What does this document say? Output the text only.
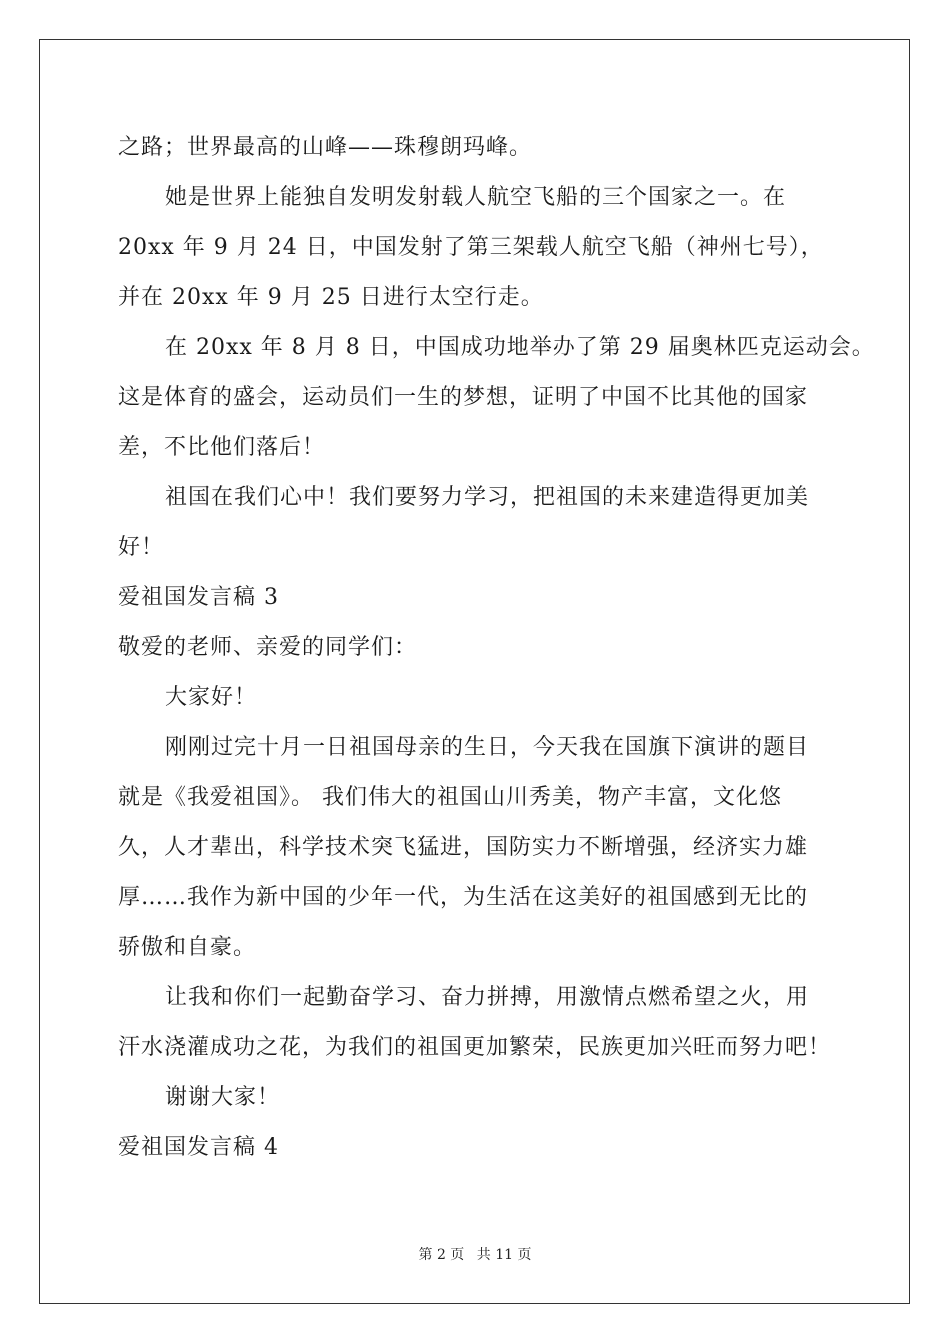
之路；世界最高的山峰——珠穆朗玛峰。
她是世界上能独自发明发射载人航空飞船的三个国家之一。在
20xx 年 9 月 24 日，中国发射了第三架载人航空飞船（神州七号），
并在 20xx 年 9 月 25 日进行太空行走。
在 20xx 年 8 月 8 日，中国成功地举办了第 29 届奥林匹克运动会。
这是体育的盛会，运动员们一生的梦想，证明了中国不比其他的国家
差，不比他们落后！
祖国在我们心中！我们要努力学习，把祖国的未来建造得更加美
好！
爱祖国发言稿 3
敬爱的老师、亲爱的同学们：
大家好！
刚刚过完十月一日祖国母亲的生日，今天我在国旗下演讲的题目
就是《我爱祖国》。 我们伟大的祖国山川秀美，物产丰富，文化悠
久，人才辈出，科学技术突飞猛进，国防实力不断增强，经济实力雄
厚……我作为新中国的少年一代，为生活在这美好的祖国感到无比的
骄傲和自豪。
让我和你们一起勤奋学习、奋力拼搏，用激情点燃希望之火，用
汗水浇灌成功之花，为我们的祖国更加繁荣，民族更加兴旺而努力吧！
谢谢大家！
爱祖国发言稿 4
第 2 页 共 11 页
